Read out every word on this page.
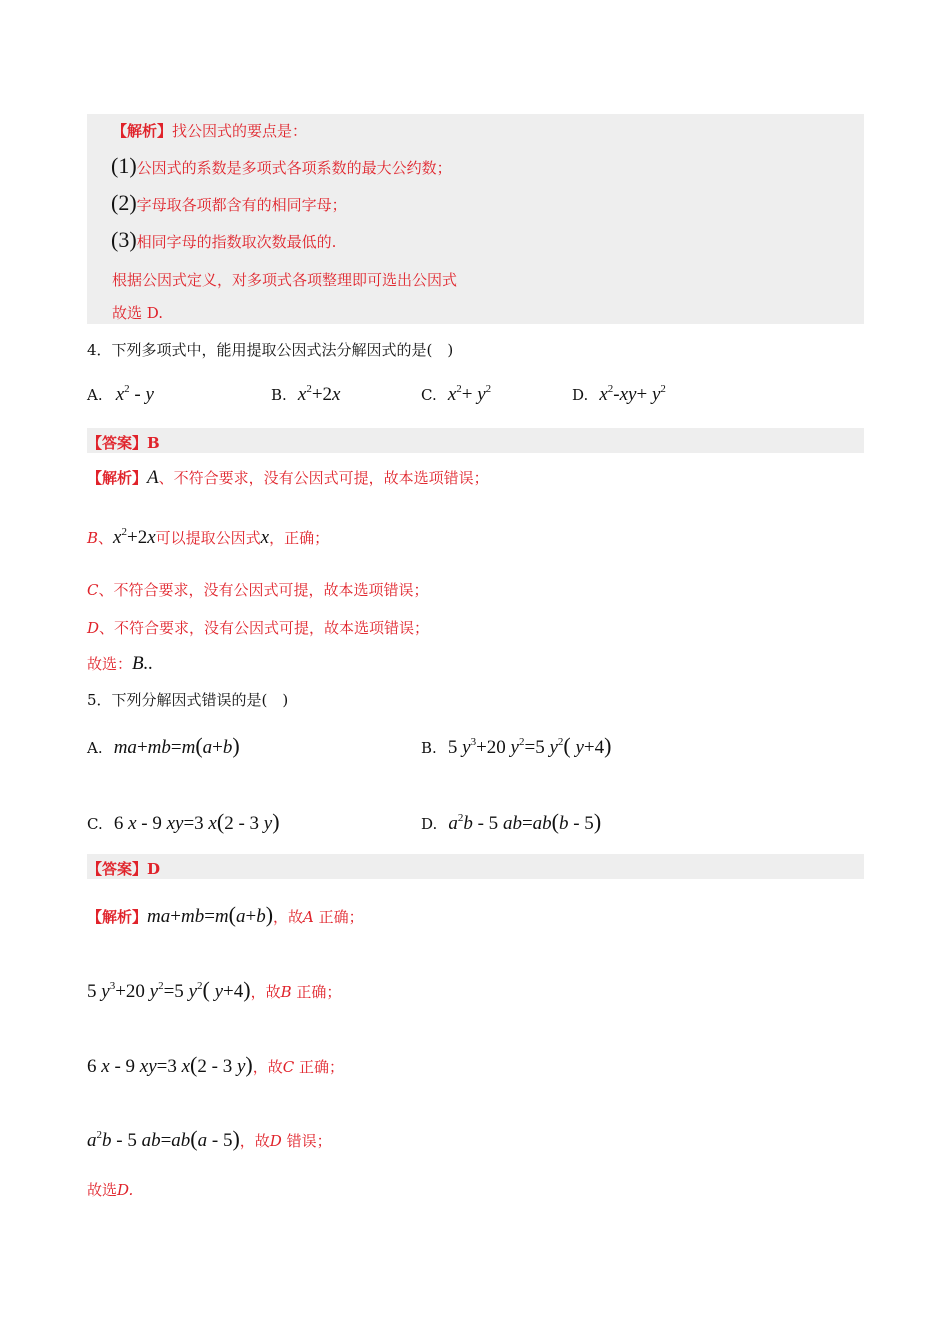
【解析】找公因式的要点是：
(1)公因式的系数是多项式各项系数的最大公约数；
(2)字母取各项都含有的相同字母；
(3)相同字母的指数取次数最低的.
根据公因式定义，对多项式各项整理即可选出公因式
故选 D.
4．下列多项式中，能用提取公因式法分解因式的是(　)
A. $x^2$ - y	B. $x^2+2x$	C. $x^2+ y^2$	D. $x^2-xy+ y^2$
【答案】B
【解析】A、不符合要求，没有公因式可提，故本选项错误；
B、$x^2+2x$可以提取公因式x，正确；
C、不符合要求，没有公因式可提，故本选项错误；
D、不符合要求，没有公因式可提，故本选项错误；
故选：B..
5．下列分解因式错误的是(　)
A. ma+mb=m(a+b)	B. 5 $y^3+20$ $y^2=5$ $y^2$( y+4)
C. 6 x - 9 xy=3 x(2 - 3 y)	D. $a^2b - 5$ ab=ab(b - 5)
【答案】D
【解析】ma+mb=m(a+b)，故A 正确；
5 $y^3+20$ $y^2=5$ $y^2$( y+4)，故B 正确；
6 x - 9 xy=3 x(2 - 3 y)，故C 正确；
$a^2b - 5$ ab=ab(a - 5)，故D 错误；
故选D.
